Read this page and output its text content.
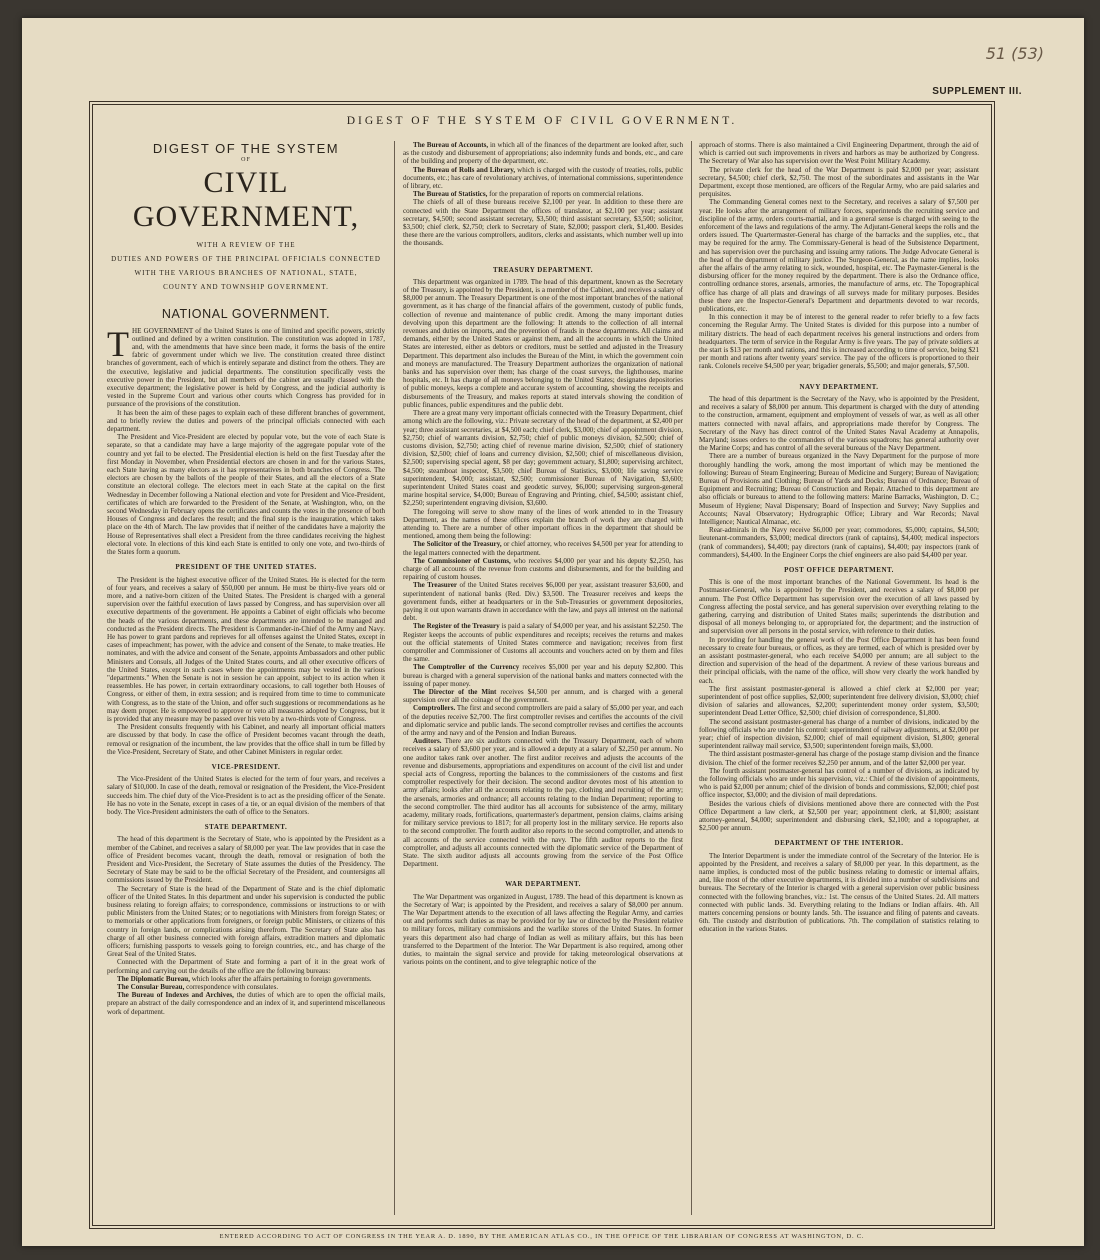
51 (53)
SUPPLEMENT III.
DIGEST OF THE SYSTEM OF CIVIL GOVERNMENT.
DIGEST OF THE SYSTEM
OF
CIVIL GOVERNMENT,
WITH A REVIEW OF THE
DUTIES AND POWERS OF THE PRINCIPAL OFFICIALS CONNECTED
WITH THE VARIOUS BRANCHES OF NATIONAL, STATE,
COUNTY AND TOWNSHIP GOVERNMENT.
NATIONAL GOVERNMENT.

THE GOVERNMENT of the United States is one of limited and specific powers, strictly outlined and defined by a written constitution. The constitution was adopted in 1787, and, with the amendments that have since been made, it forms the basis of the entire fabric of government under which we live. The constitution created three distinct branches of government, each of which is entirely separate and distinct from the others. They are the executive, legislative and judicial departments. The constitution specifically vests the executive power in the President, but all members of the cabinet are usually classed with the executive department; the legislative power is held by Congress, and the judicial authority is vested in the Supreme Court and various other courts which Congress has provided for in pursuance of the provisions of the constitution.

It has been the aim of these pages to explain each of these different branches of government, and to briefly review the duties and powers of the principal officials connected with each department.

The President and Vice-President are elected by popular vote, but the vote of each State is separate, so that a candidate may have a large majority of the aggregate popular vote of the country and yet fail to be elected. The Presidential election is held on the first Tuesday after the first Monday in November, when Presidential electors are chosen in and for the various States, each State having as many electors as it has representatives in both branches of Congress. The electors are chosen by the ballots of the people of their States, and all the electors of a State constitute an electoral college. The electors meet in each State at the capital on the first Wednesday in December following a National election and vote for President and Vice-President, certificates of which are forwarded to the President of the Senate, at Washington, who, on the second Wednesday in February opens the certificates and counts the votes in the presence of both Houses of Congress and declares the result; and the final step is the inauguration, which takes place on the 4th of March. The law provides that if neither of the candidates have a majority the House of Representatives shall elect a President from the three candidates receiving the highest electoral vote. In elections of this kind each State is entitled to only one vote, and two-thirds of the States form a quorum.

PRESIDENT OF THE UNITED STATES.

The President is the highest executive officer of the United States. He is elected for the term of four years, and receives a salary of $50,000 per annum. He must be thirty-five years old or more, and a native-born citizen of the United States. The President is charged with a general supervision over the faithful execution of laws passed by Congress, and has supervision over all executive departments of the government. He appoints a Cabinet of eight officials who become the heads of the various departments, and these departments are intended to be managed and conducted as the President directs. The President is Commander-in-Chief of the Army and Navy. He has power to grant pardons and reprieves for all offenses against the United States, except in cases of impeachment; has power, with the advice and consent of the Senate, to make treaties. He nominates, and with the advice and consent of the Senate, appoints Ambassadors and other public Ministers and Consuls, all Judges of the United States courts, and all other executive officers of the United States, except in such cases where the appointments may be vested in the various "departments." When the Senate is not in session he can appoint, subject to its action when it reassembles. He has power, in certain extraordinary occasions, to call together both Houses of Congress, or either of them, in extra session; and is required from time to time to communicate with Congress, as to the state of the Union, and offer such suggestions or recommendations as he may deem proper. He is empowered to approve or veto all measures adopted by Congress, but it is provided that any measure may be passed over his veto by a two-thirds vote of Congress.

The President consults frequently with his Cabinet, and nearly all important official matters are discussed by that body. In case the office of President becomes vacant through the death, removal or resignation of the incumbent, the law provides that the office shall in turn be filled by the Vice-President, Secretary of State, and other Cabinet Ministers in regular order.

VICE-PRESIDENT.

The Vice-President of the United States is elected for the term of four years, and receives a salary of $10,000. In case of the death, removal or resignation of the President, the Vice-President succeeds him. The chief duty of the Vice-President is to act as the presiding officer of the Senate. He has no vote in the Senate, except in cases of a tie, or an equal division of the members of that body. The Vice-President administers the oath of office to the Senators.

STATE DEPARTMENT.

The head of this department is the Secretary of State, who is appointed by the President as a member of the Cabinet, and receives a salary of $8,000 per year. The law provides that in case the office of President becomes vacant, through the death, removal or resignation of both the President and Vice-President, the Secretary of State assumes the duties of the Presidency. The Secretary of State may be said to be the official Secretary of the President, and countersigns all commissions issued by the President.

The Secretary of State is the head of the Department of State and is the chief diplomatic officer of the United States. In this department and under his supervision is conducted the public business relating to foreign affairs; to correspondence, commissions or instructions to or with public Ministers from the United States; or to negotiations with Ministers from foreign States; or to memorials or other applications from foreigners, or foreign public Ministers, or citizens of this country in foreign lands, or complications arising therefrom. The Secretary of State also has charge of all other business connected with foreign affairs, extradition matters and diplomatic officers; furnishing passports to vessels going to foreign countries, etc., and has charge of the Great Seal of the United States.

Connected with the Department of State and forming a part of it in the great work of performing and carrying out the details of the office are the following bureaus:

The Diplomatic Bureau, which looks after the affairs pertaining to foreign governments.

The Consular Bureau, correspondence with consulates.

The Bureau of Indexes and Archives, the duties of which are to open the official mails, prepare an abstract of the daily correspondence and an index of it, and superintend miscellaneous work of department.

The Bureau of Accounts, in which all of the finances of the department are looked after, such as the custody and disbursement of appropriations; also indemnity funds and bonds, etc., and care of the building and property of the department, etc.

The Bureau of Rolls and Library, which is charged with the custody of treaties, rolls, public documents, etc.; has care of revolutionary archives, of international commissions, superintendence of library, etc.

The Bureau of Statistics, for the preparation of reports on commercial relations.

The chiefs of all of these bureaus receive $2,100 per year. In addition to these there are connected with the State Department the offices of translator, at $2,100 per year; assistant secretary, $4,500; second assistant secretary, $3,500; third assistant secretary, $3,500; solicitor, $3,500; chief clerk, $2,750; clerk to Secretary of State, $2,000; passport clerk, $1,400. Besides these there are the various comptrollers, auditors, clerks and assistants, which number well up into the thousands.

TREASURY DEPARTMENT.

This department was organized in 1789. The head of this department, known as the Secretary of the Treasury, is appointed by the President, is a member of the Cabinet, and receives a salary of $8,000 per annum. The Treasury Department is one of the most important branches of the national government, as it has charge of the financial affairs of the government, custody of public funds, collection of revenue and maintenance of public credit. Among the many important duties devolving upon this department are the following: It attends to the collection of all internal revenues and duties on imports, and the prevention of frauds in these departments. All claims and demands, either by the United States or against them, and all the accounts in which the United States are interested, either as debtors or creditors, must be settled and adjusted in the Treasury Department. This department also includes the Bureau of the Mint, in which the government coin and moneys are manufactured. The Treasury Department authorizes the organization of national banks and has supervision over them; has charge of the coast surveys, the lighthouses, marine hospitals, etc. It has charge of all moneys belonging to the United States; designates depositories of public moneys, keeps a complete and accurate system of accounting, showing the receipts and disbursements of the Treasury, and makes reports at stated intervals showing the condition of public finances, public expenditures and the public debt.

There are a great many very important officials connected with the Treasury Department, chief among which are the following, viz.: Private secretary of the head of the department, at $2,400 per year; three assistant secretaries, at $4,500 each; chief clerk, $3,000; chief of appointment division, $2,750; chief of warrants division, $2,750; chief of public moneys division, $2,500; chief of customs division, $2,750; acting chief of revenue marine division, $2,500; chief of stationery division, $2,500; chief of loans and currency division, $2,500; chief of miscellaneous division, $2,500; supervising special agent, $8 per day; government actuary, $1,800; supervising architect, $4,500; steamboat inspector, $3,500; chief Bureau of Statistics, $3,000; life saving service superintendent, $4,000; assistant, $2,500; commissioner Bureau of Navigation, $3,600; superintendent United States coast and geodetic survey, $6,000; supervising surgeon-general marine hospital service, $4,000; Bureau of Engraving and Printing, chief, $4,500; assistant chief, $2,250; superintendent engraving division, $3,600.

The foregoing will serve to show many of the lines of work attended to in the Treasury Department, as the names of these offices explain the branch of work they are charged with attending to. There are a number of other important offices in the department that should be mentioned, among them being the following:

The Solicitor of the Treasury, or chief attorney, who receives $4,500 per year for attending to the legal matters connected with the department.

The Commissioner of Customs, who receives $4,000 per year and his deputy $2,250, has charge of all accounts of the revenue from customs and disbursements, and for the building and repairing of custom houses.

The Treasurer of the United States receives $6,000 per year, assistant treasurer $3,600, and superintendent of national banks (Red. Div.) $3,500. The Treasurer receives and keeps the government funds, either at headquarters or in the Sub-Treasuries or government depositories, paying it out upon warrants drawn in accordance with the law, and pays all interest on the national debt.

The Register of the Treasury is paid a salary of $4,000 per year, and his assistant $2,250. The Register keeps the accounts of public expenditures and receipts; receives the returns and makes out the official statements of United States commerce and navigation; receives from first comptroller and Commissioner of Customs all accounts and vouchers acted on by them and files the same.

The Comptroller of the Currency receives $5,000 per year and his deputy $2,800. This bureau is charged with a general supervision of the national banks and matters connected with the issuing of paper money.

The Director of the Mint receives $4,500 per annum, and is charged with a general supervision over all the coinage of the government.

Comptrollers. The first and second comptrollers are paid a salary of $5,000 per year, and each of the deputies receive $2,700. The first comptroller revises and certifies the accounts of the civil and diplomatic service and public lands. The second comptroller revises and certifies the accounts of the army and navy and of the Pension and Indian Bureaus.

Auditors. There are six auditors connected with the Treasury Department, each of whom receives a salary of $3,600 per year, and is allowed a deputy at a salary of $2,250 per annum. No one auditor takes rank over another. The first auditor receives and adjusts the accounts of the revenue and disbursements, appropriations and expenditures on account of the civil list and under special acts of Congress, reporting the balances to the commissioners of the customs and first comptroller respectively for their decision. The second auditor devotes most of his attention to army affairs; looks after all the accounts relating to the pay, clothing and recruiting of the army; the arsenals, armories and ordnance; all accounts relating to the Indian Department; reporting to the second comptroller. The third auditor has all accounts for subsistence of the army, military academy, military roads, fortifications, quartermaster's department, pension claims, claims arising for military service previous to 1817; for all property lost in the military service. He reports also to the second comptroller. The fourth auditor also reports to the second comptroller, and attends to all accounts of the service connected with the navy. The fifth auditor reports to the first comptroller, and adjusts all accounts connected with the diplomatic service of the Department of State. The sixth auditor adjusts all accounts growing from the service of the Post Office Department.

WAR DEPARTMENT.

The War Department was organized in August, 1789. The head of this department is known as the Secretary of War; is appointed by the President, and receives a salary of $8,000 per annum. The War Department attends to the execution of all laws affecting the Regular Army, and carries out and performs such duties as may be provided for by law or directed by the President relative to military forces, military commissions and the warlike stores of the United States. In former years this department also had charge of Indian as well as military affairs, but this has been transferred to the Department of the Interior. The War Department is also required, among other duties, to maintain the signal service and provide for taking meteorological observations at various points on the continent, and to give telegraphic notice of the

approach of storms. There is also maintained a Civil Engineering Department, through the aid of which is carried out such improvements in rivers and harbors as may be authorized by Congress. The Secretary of War also has supervision over the West Point Military Academy.

The private clerk for the head of the War Department is paid $2,000 per year; assistant secretary, $4,500; chief clerk, $2,750. The most of the subordinates and assistants in the War Department, except those mentioned, are officers of the Regular Army, who are paid salaries and perquisites.

The Commanding General comes next to the Secretary, and receives a salary of $7,500 per year. He looks after the arrangement of military forces, superintends the recruiting service and discipline of the army, orders courts-martial, and in a general sense is charged with seeing to the enforcement of the laws and regulations of the army. The Adjutant-General keeps the rolls and the orders issued. The Quartermaster-General has charge of the barracks and the supplies, etc., that may be required for the army. The Commissary-General is head of the Subsistence Department, and has supervision over the purchasing and issuing army rations. The Judge Advocate General is the head of the department of military justice. The Surgeon-General, as the name implies, looks after the affairs of the army relating to sick, wounded, hospital, etc. The Paymaster-General is the disbursing officer for the money required by the department. There is also the Ordnance office, controlling ordnance stores, arsenals, armories, the manufacture of arms, etc. The Topographical office has charge of all plats and drawings of all surveys made for military purposes. Besides these there are the Inspector-General's Department and departments devoted to war records, publications, etc.

In this connection it may be of interest to the general reader to refer briefly to a few facts concerning the Regular Army. The United States is divided for this purpose into a number of military districts. The head of each department receives his general instructions and orders from headquarters. The term of service in the Regular Army is five years. The pay of private soldiers at the start is $13 per month and rations, and this is increased according to time of service, being $21 per month and rations after twenty years' service. The pay of the officers is proportioned to their rank. Colonels receive $4,500 per year; brigadier generals, $5,500; and major generals, $7,500.

NAVY DEPARTMENT.

The head of this department is the Secretary of the Navy, who is appointed by the President, and receives a salary of $8,000 per annum. This department is charged with the duty of attending to the construction, armament, equipment and employment of vessels of war, as well as all other matters connected with naval affairs, and appropriations made therefor by Congress. The Secretary of the Navy has direct control of the United States Naval Academy at Annapolis, Maryland; issues orders to the commanders of the various squadrons; has general authority over the Marine Corps; and has control of all the several bureaus of the Navy Department.

There are a number of bureaus organized in the Navy Department for the purpose of more thoroughly handling the work, among the most important of which may be mentioned the following: Bureau of Steam Engineering; Bureau of Medicine and Surgery; Bureau of Navigation; Bureau of Provisions and Clothing; Bureau of Yards and Docks; Bureau of Ordnance; Bureau of Equipment and Recruiting; Bureau of Construction and Repair. Attached to this department are also officials or bureaus to attend to the following matters: Marine Barracks, Washington, D. C.; Museum of Hygiene; Naval Dispensary; Board of Inspection and Survey; Navy Supplies and Accounts; Naval Observatory; Hydrographic Office; Library and War Records; Naval Intelligence; Nautical Almanac, etc.

Rear-admirals in the Navy receive $6,000 per year; commodores, $5,000; captains, $4,500; lieutenant-commanders, $3,000; medical directors (rank of captains), $4,400; medical inspectors (rank of commanders), $4,400; pay directors (rank of captains), $4,400; pay inspectors (rank of commanders), $4,400. In the Engineer Corps the chief engineers are also paid $4,400 per year.

POST OFFICE DEPARTMENT.

This is one of the most important branches of the National Government. Its head is the Postmaster-General, who is appointed by the President, and receives a salary of $8,000 per annum. The Post Office Department has supervision over the execution of all laws passed by Congress affecting the postal service, and has general supervision over everything relating to the gathering, carrying and distribution of United States mails; superintends the distribution and disposal of all moneys belonging to, or appropriated for, the department; and the instruction of and supervision over all persons in the postal service, with reference to their duties.

In providing for handling the general work of the Post Office Department it has been found necessary to create four bureaus, or offices, as they are termed, each of which is presided over by an assistant postmaster-general, who each receive $4,000 per annum; are all subject to the direction and supervision of the head of the department. A review of these various bureaus and their principal officials, with the name of the office, will show very clearly the work handled by each.

The first assistant postmaster-general is allowed a chief clerk at $2,000 per year; superintendent of post office supplies, $2,000; superintendent free delivery division, $3,000; chief division of salaries and allowances, $2,200; superintendent money order system, $3,500; superintendent Dead Letter Office, $2,500; chief division of correspondence, $1,800.

The second assistant postmaster-general has charge of a number of divisions, indicated by the following officials who are under his control: superintendent of railway adjustments, at $2,000 per year; chief of inspection division, $2,000; chief of mail equipment division, $1,800; general superintendent railway mail service, $3,500; superintendent foreign mails, $3,000.

The third assistant postmaster-general has charge of the postage stamp division and the finance division. The chief of the former receives $2,250 per annum, and of the latter $2,000 per year.

The fourth assistant postmaster-general has control of a number of divisions, as indicated by the following officials who are under his supervision, viz.: Chief of the division of appointments, who is paid $2,000 per annum; chief of the division of bonds and commissions, $2,000; chief post office inspector, $3,000; and the division of mail depredations.

Besides the various chiefs of divisions mentioned above there are connected with the Post Office Department a law clerk, at $2,500 per year; appointment clerk, at $1,800; assistant attorney-general, $4,000; superintendent and disbursing clerk, $2,100; and a topographer, at $2,500 per annum.

DEPARTMENT OF THE INTERIOR.

The Interior Department is under the immediate control of the Secretary of the Interior. He is appointed by the President, and receives a salary of $8,000 per year. In this department, as the name implies, is conducted most of the public business relating to domestic or internal affairs, and, like most of the other executive departments, it is divided into a number of subdivisions and bureaus. The Secretary of the Interior is charged with a general supervision over public business connected with the following branches, viz.: 1st. The census of the United States. 2d. All matters connected with public lands. 3d. Everything relating to the Indians or Indian affairs. 4th. All matters concerning pensions or bounty lands. 5th. The issuance and filing of patents and caveats. 6th. The custody and distribution of publications. 7th. The compilation of statistics relating to education in the various States.

ENTERED ACCORDING TO ACT OF CONGRESS IN THE YEAR A. D. 1890, BY THE AMERICAN ATLAS CO., IN THE OFFICE OF THE LIBRARIAN OF CONGRESS AT WASHINGTON, D. C.
